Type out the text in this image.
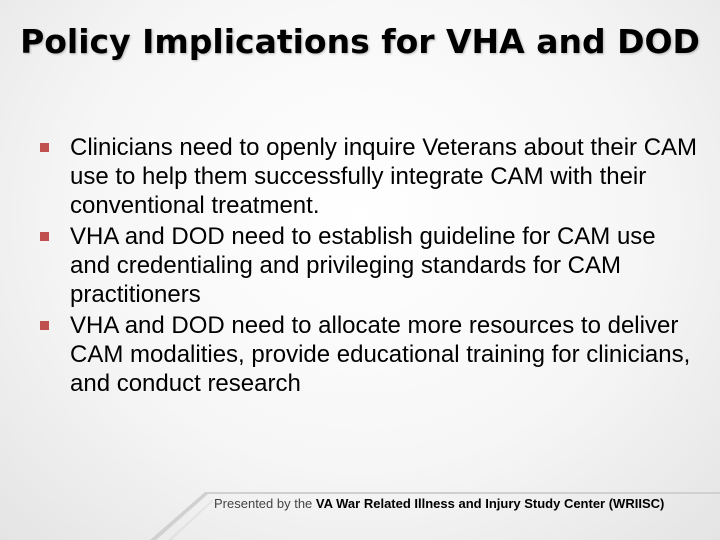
Policy Implications for VHA and DOD
Clinicians need to openly inquire Veterans about their CAM use to help them successfully integrate CAM with their conventional treatment.
VHA and DOD need to establish guideline for CAM use and credentialing and privileging standards for CAM practitioners
VHA and DOD need to allocate more resources to deliver CAM modalities, provide educational training for clinicians, and conduct research
Presented by the VA War Related Illness and Injury Study Center (WRIISC)
